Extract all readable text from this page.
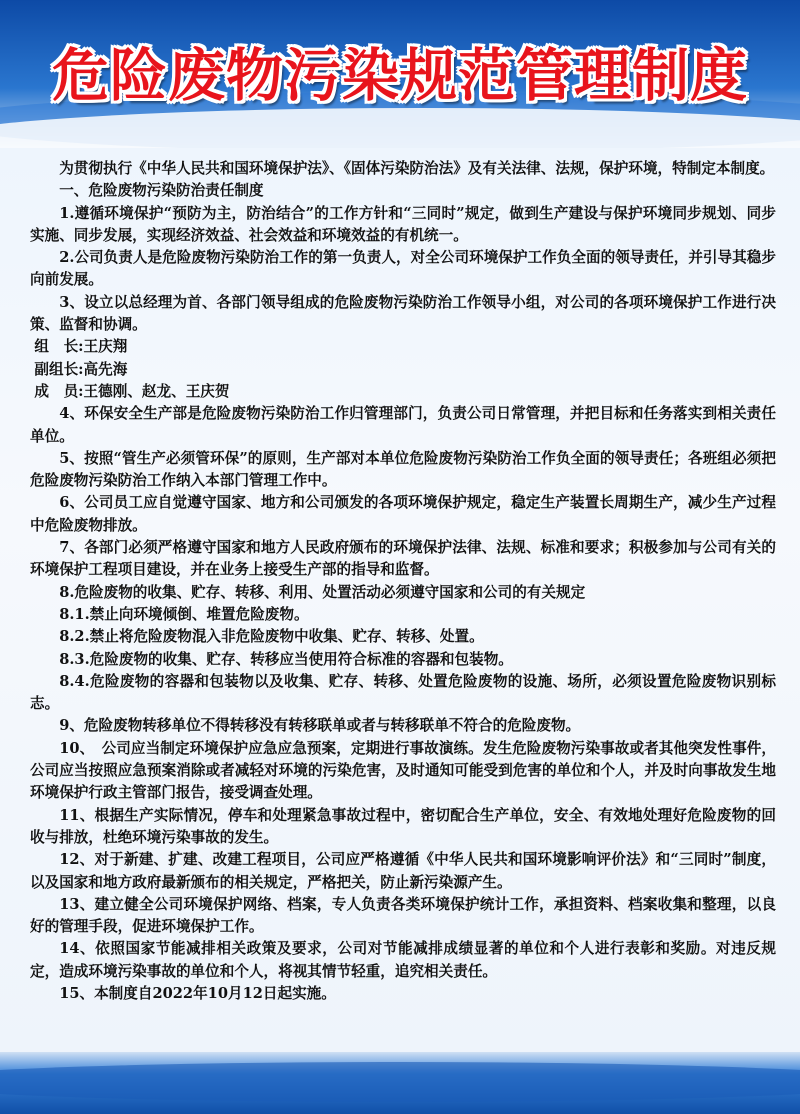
危险废物污染规范管理制度

为贯彻执行《中华人民共和国环境保护法》、《固体污染防治法》及有关法律、法规，保护环境，特制定本制度。

一、危险废物污染防治责任制度

1.遵循环境保护“预防为主，防治结合”的工作方针和“三同时”规定，做到生产建设与保护环境同步规划、同步实施、同步发展，实现经济效益、社会效益和环境效益的有机统一。

2.公司负责人是危险废物污染防治工作的第一负责人，对全公司环境保护工作负全面的领导责任，并引导其稳步向前发展。

3、设立以总经理为首、各部门领导组成的危险废物污染防治工作领导小组，对公司的各项环境保护工作进行决策、监督和协调。

组　长:王庆翔

副组长:高先海

成　员:王德刚、赵龙、王庆贺

4、环保安全生产部是危险废物污染防治工作归管理部门，负责公司日常管理，并把目标和任务落实到相关责任单位。

5、按照“管生产必须管环保”的原则，生产部对本单位危险废物污染防治工作负全面的领导责任；各班组必须把危险废物污染防治工作纳入本部门管理工作中。

6、公司员工应自觉遵守国家、地方和公司颁发的各项环境保护规定，稳定生产装置长周期生产，减少生产过程中危险废物排放。

7、各部门必须严格遵守国家和地方人民政府颁布的环境保护法律、法规、标准和要求；积极参加与公司有关的环境保护工程项目建设，并在业务上接受生产部的指导和监督。

8.危险废物的收集、贮存、转移、利用、处置活动必须遵守国家和公司的有关规定

8.1.禁止向环境倾倒、堆置危险废物。

8.2.禁止将危险废物混入非危险废物中收集、贮存、转移、处置。

8.3.危险废物的收集、贮存、转移应当使用符合标准的容器和包装物。

8.4.危险废物的容器和包装物以及收集、贮存、转移、处置危险废物的设施、场所，必须设置危险废物识别标志。

9、危险废物转移单位不得转移没有转移联单或者与转移联单不符合的危险废物。

10、　公司应当制定环境保护应急应急预案，定期进行事故演练。发生危险废物污染事故或者其他突发性事件，公司应当按照应急预案消除或者减轻对环境的污染危害，及时通知可能受到危害的单位和个人，并及时向事故发生地环境保护行政主管部门报告，接受调查处理。

11、根据生产实际情况，停车和处理紧急事故过程中，密切配合生产单位，安全、有效地处理好危险废物的回收与排放，杜绝环境污染事故的发生。

12、对于新建、扩建、改建工程项目，公司应严格遵循《中华人民共和国环境影响评价法》和“三同时”制度，以及国家和地方政府最新颁布的相关规定，严格把关，防止新污染源产生。

13、建立健全公司环境保护网络、档案，专人负责各类环境保护统计工作，承担资料、档案收集和整理，以良好的管理手段，促进环境保护工作。

14、依照国家节能减排相关政策及要求，公司对节能减排成绩显著的单位和个人进行表彰和奖励。对违反规定，造成环境污染事故的单位和个人，将视其情节轻重，追究相关责任。

15、本制度自2022年10月12日起实施。
